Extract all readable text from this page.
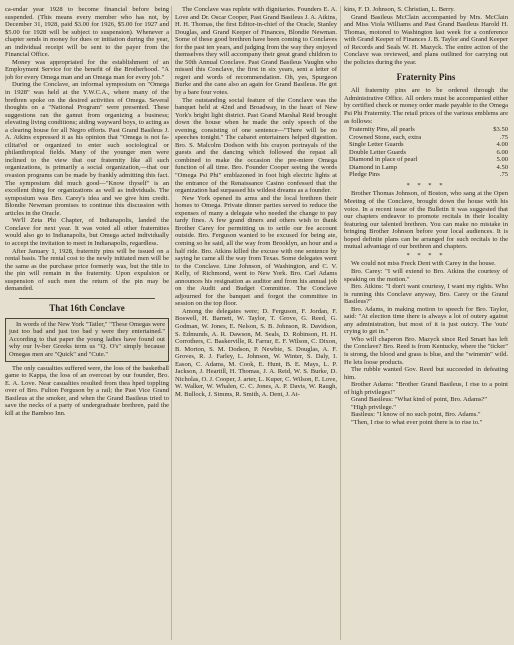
ca-endar year 1928 to become financial before being suspended. (This means every member who has not, by December 31, 1928, paid $3.00 for 1926, $5.00 for 1927 and $5.00 for 1928 will be subject to suspension). Whenever a chapter sends in money for dues or initiation during the year, an individual receipt will be sent to the payer from the Financial Office.

Money was appropriated for the establishment of an Employment Service for the benefit of the Brotherhood. "A job for every Omega man and an Omega man for every job."

During the Conclave, an informal symposium on "Omega in 1928" was held at the Y.W.C.A., where many of the brethren spoke on the desired activities of Omega. Several thoughts on a "National Program" were presented. These suggestions ran the gamut from organizing a business; elevating living conditions; aiding wayward boys, to acting as a clearing house for all Negro efforts. Past Grand Basileus J. A. Atkins expressed it as his opinion that "Omega is not fa-cilitat'ed or organized to enter such sociological or philanthropical fields. Many of the younger men were inclined to the view that our fraternity like all such organizations, is primarily a social organization,—that our ovasion programs can be made by frankly admitting this fact. The symposium did much good—"Know thyself" is an excellent thing for organizations as well as individuals. The symposium was Bro. Carey's idea and we give him credit. Blondie Newman promises to continue this discussion with articles in the Oracle.

We'll Zeta Phi Chapter, of Indianapolis, landed the Conclave for next year. It was voted all other fraternities would also go to Indianapolis, but Omega acted individually to accept the invitation to meet in Indianapolis, regardless.

After January 1, 1928, fraternity pins will be issued on a rental basis. The rental cost to the newly initiated men will be the same as the purchase price formerly was, but the title to the pin will remain in the fraternity. Upon expulsion or suspension of such men the return of the pin may be demanded.

That 16th Conclave

In words of the New York "Tatler," "These Omegas were just too bad and just too bad y were they entertained." According to that paper the young ladies have found out why our Iv-ber Greeks term us "Q. O's" simply because Omegas men are "Quick" and "Cute."

The only casualties suffered were, the loss of the basketball game to Kappa, the loss of an overcoat by our founder, Bro. E. A. Love. Near casualties resulted from thea hped toppling over of Bro. Fulton Ferguson by a rail; the Past Vice Grand Basileus at the smoker, and when the Grand Basileus tried to save the necks of a party of undergraduate brethren, paid the kill at the Bamboo Inn.

The Conclave was replete with dignitaries. Founders E. A. Love and Dr. Oscar Cooper, Past Grand Basileus J. A. Atkins, H. H. Thomas, the first Editor-in-chief of the Oracle, Stanley Douglas, and Grand Keeper of Finances, Blondie Newman. Some of these good brethren have been coming to Conclaves for the past ten years, and judging from the way they enjoyed themselves they will accompany their great grand children to the 50th Annual Conclave. Past Grand Basileus Vaughn who missed this Conclave, the first in six years, sent a letter of regret and words of recommendation. Oh, yes, Spurgeon Burke and the cane also an again for Grand Basileus. He got by a bare four votes.

The outstanding social feature of the Conclave was the banquet held at 42nd and Broadway, in the heart of New York's bright light district. Past Grand Marshal Reid brought down the house when he made the only speech of the evening, consisting of one sentence—"There will be no speeches tonight." The cabaret entertainers helped digestion. Bro. S. Malcolm Dodson with his crayon portrayals of the guests and the dancing which followed the repast all combined to make the occasion the pre-miere Omega function of all time. Bro. Founder Cooper seeing the words "Omega Psi Phi" emblazoned in foot high electric lights at the entrance of the Renaissance Casino confessed that the organization had surpassed his wildest dreams as a founder.

New York opened its arms and the local brethren their homes to Omega. Private dinner parties served to reduce the expenses of many a delegate who needed the change to pay tardy fines. A few grand diners and others wish to thank Brother Carey for permitting us to settle our fee account outside. Bro. Ferguson wanted to be excused for being ate, coming so he said, all the way from Brooklyn, an hour and a half ride. Bro. Atkins killed the excuse with one sentence by saying he came all the way from Texas. Some delegates went to the Conclave. Line Johnson, of Washington, and C. V. Kelly, of Richmond, went to New York. Bro. Carl Adams announces his resignation as auditor and from his annual job on the Audit and Budget Committee. The Conclave adjourned for the banquet and forgot the committee in session on the top floor.

Among the delegates were; D. Ferguson, F. Jordan, F. Boswell, H. Barnett, W. Taylor, T. Grove, G. Reed, G. Godman, W. Jones, E. Nelson, S. B. Johnson, R. Davidson, S. Edmunds, A. R. Dawson, M. Seals, D. Robinson, H. H. Corrothers, C. Baskerville, R. Farrar, E. F. Wilson, C. Dixon, B. Morton, S. M. Dodson, P. Newbie, S. Douglas, A. F. Groves, R. J. Farley, L. Johnson, W. Winter, S. Daly, I. Eason, C. Adams, M. Cook, E. Hunt, B. E. Mays, L. P. Jackson, J. Heartill, H. Thomas, J. A. Reid, W. S. Burke, D. Nicholas, O. J. Cooper, J. arter, L. Kuper, C. Wilson, E. Love, W. Walker, W. Whalen, C. C. Jones, A. P. Davis, W. Raugh, M. Bullock, J. Simms, R. Smith, A. Dent, J. At-

kins, F. D. Johnson, S. Christian, L. Berry.

Grand Basileus McClain accompanied by Mrs. McClain and Miss Viola Williams and Past Grand Basileus Harold H. Thomas, motored to Washington last week for a conference with Grand Keeper of Finances J. B. Taylor and Grand Keeper of Records and Seals W. H. Mazyck. The entire action of the Conclave was reviewed, and plans outlined for carrying out the policies during the year.

Fraternity Pins

All fraternity pins are to be ordered through the Administrative Office. All orders must be accompanied either by certified check or money order made payable to the Omega Psi Phi Fraternity. The retail prices of the various emblems are as follows:

Fraternity Pins, all pearls	$3.50
Crowned Stone, each, extra	.75
Single Letter Guards	4.00
Double Letter Guards	6.00
Diamond in place of pearl	5.00
Diamond in Lamp	4.50
Pledge Pins	.75
* * * *

Brother Thomas Johnson, of Boston, who sang at the Open Meeting of the Conclave, brought down the house with his voice. In a recent issue of the Bulletin it was suggested that our chapters endeavor to promote recitals in their locality featuring our talented brethren. You can make no mistake in bringing Brother Johnson before your local audiences. It is hoped definite plans can be arranged for such recitals to the mutual advantage of our brethren and chapters.

* * * *

We could not miss Freck Dent with Carey in the house.

Bro. Carey: "I will extend to Bro. Atkins the courtesy of speaking on the motion."

Bro. Atkins: "I don't want courtesy, I want my rights. Who is running this Conclave anyway, Bro. Carey or the Grand Basileus?"

Bro. Adams, in making motion to speech for Bro. Taylor, said: "At election time there is always a lot of outery against any administration, but most of it is just outcry. The 'outs' crying to get in."

Who will chaperon Bro. Mazyck since Red Smart has left the Conclave? Bro. Reed is from Kentucky, where the "ticker" is strong, the blood and grass is blue, and the "wimmin" wild. He lets loose products.

The rubble wanted Gov. Reed but succeeded in defeating him.

Brother Adams: "Brother Grand Basileus, I rise to a point of high privileges!"

Grand Basileus: "What kind of point, Bro. Adams?"

"High privilege."

Basileus: "I know of no such point, Bro. Adams."

"Then, I rise to what ever point there is to rise to."
